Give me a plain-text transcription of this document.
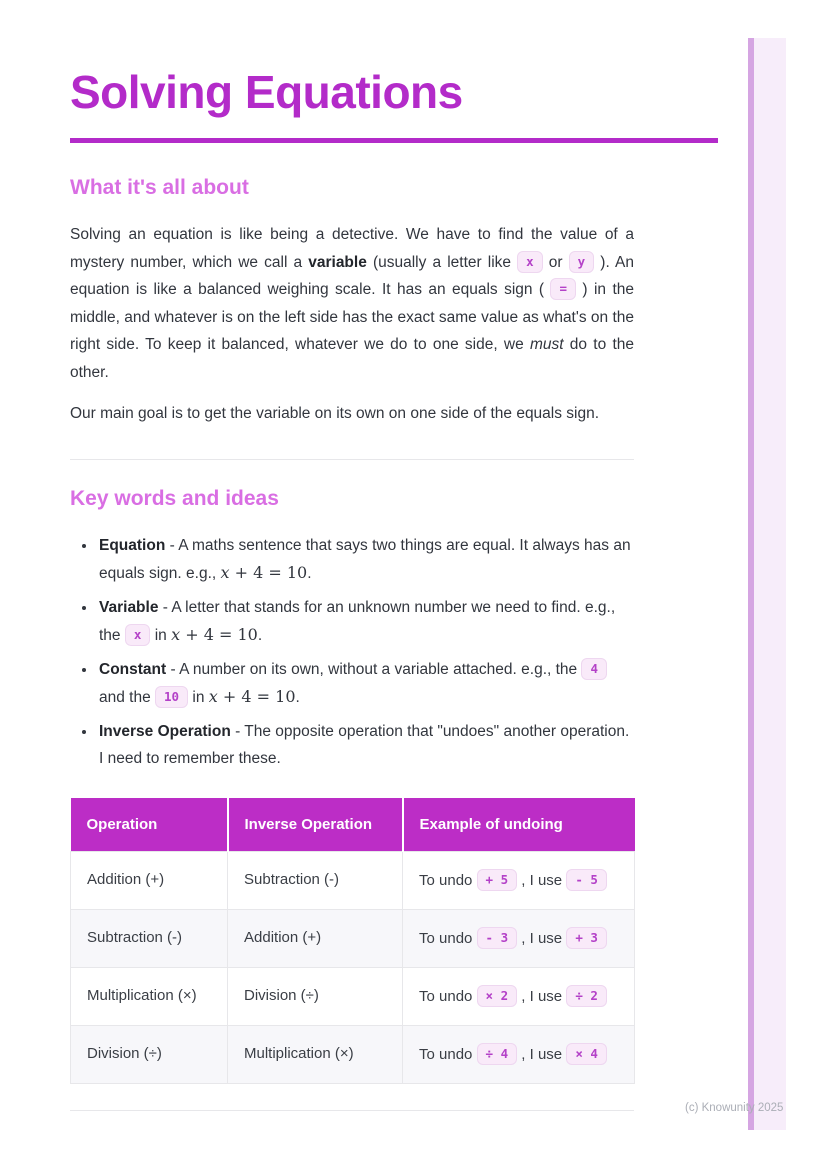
Solving Equations
What it's all about

Solving an equation is like being a detective. We have to find the value of a mystery number, which we call a variable (usually a letter like x or y ). An equation is like a balanced weighing scale. It has an equals sign ( = ) in the middle, and whatever is on the left side has the exact same value as what's on the right side. To keep it balanced, whatever we do to one side, we must do to the other.

Our main goal is to get the variable on its own on one side of the equals sign.

Key words and ideas
• Equation - A maths sentence that says two things are equal. It always has an equals sign. e.g., x + 4 = 10.
• Variable - A letter that stands for an unknown number we need to find. e.g., the x in x + 4 = 10.
• Constant - A number on its own, without a variable attached. e.g., the 4 and the 10 in x + 4 = 10.
• Inverse Operation - The opposite operation that "undoes" another operation. I need to remember these.
Operation	Inverse Operation	Example of undoing
Addition (+)	Subtraction (-)	To undo + 5 , I use - 5
Subtraction (-)	Addition (+)	To undo - 3 , I use + 3
Multiplication (×)	Division (÷)	To undo × 2 , I use ÷ 2
Division (÷)	Multiplication (×)	To undo ÷ 4 , I use × 4
(c) Knowunity 2025
